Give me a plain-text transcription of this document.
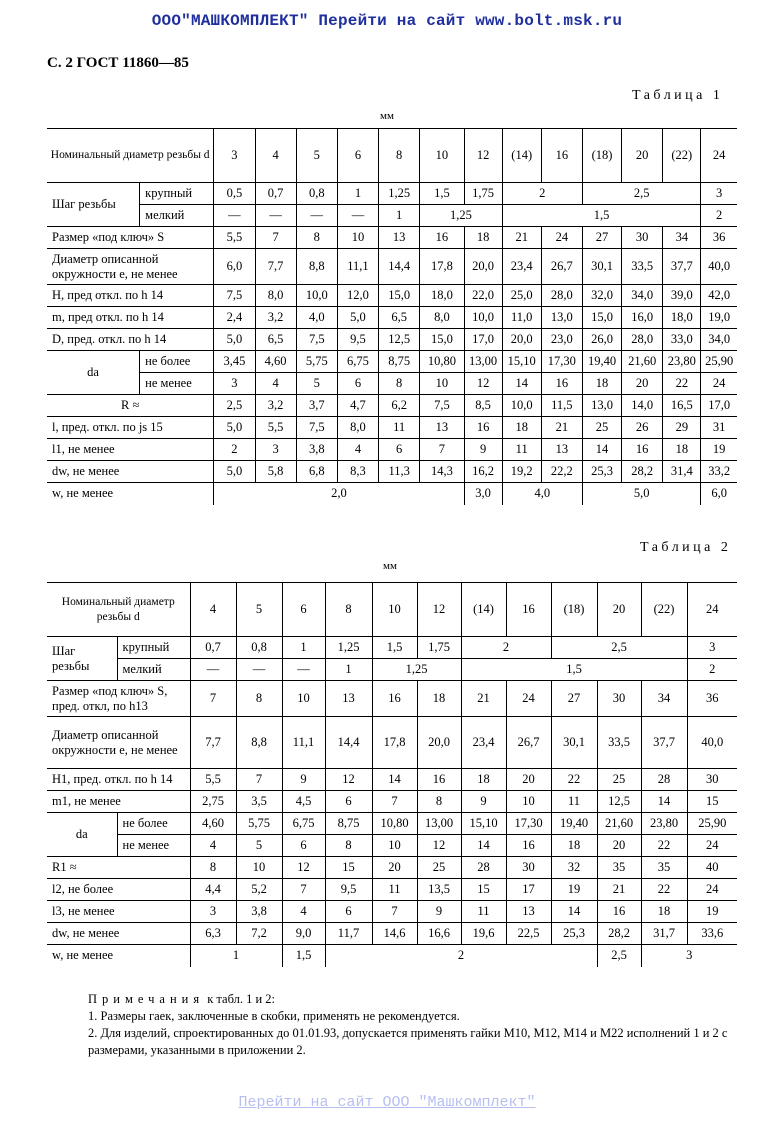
ООО"МАШКОМПЛЕКТ" Перейти на сайт www.bolt.msk.ru
С. 2 ГОСТ 11860—85
Таблица 1
мм
Номинальный диаметр резьбы d		3	4	5	6	8	10	12	(14)	16	(18)	20	(22)	24
Шаг резьбы	крупный	0,5	0,7	0,8	1	1,25	1,5	1,75	2		2,5			3
	мелкий	—	—	—	—	1	1,25		1,5					2
Размер «под ключ» S		5,5	7	8	10	13	16	18	21	24	27	30	34	36
Диаметр описанной окружности e, не менее		6,0	7,7	8,8	11,1	14,4	17,8	20,0	23,4	26,7	30,1	33,5	37,7	40,0
H, пред откл. по h 14		7,5	8,0	10,0	12,0	15,0	18,0	22,0	25,0	28,0	32,0	34,0	39,0	42,0
m, пред откл. по h 14		2,4	3,2	4,0	5,0	6,5	8,0	10,0	11,0	13,0	15,0	16,0	18,0	19,0
D, пред. откл. по h 14		5,0	6,5	7,5	9,5	12,5	15,0	17,0	20,0	23,0	26,0	28,0	33,0	34,0
da	не более	3,45	4,60	5,75	6,75	8,75	10,80	13,00	15,10	17,30	19,40	21,60	23,80	25,90
	не менее	3	4	5	6	8	10	12	14	16	18	20	22	24
R ≈		2,5	3,2	3,7	4,7	6,2	7,5	8,5	10,0	11,5	13,0	14,0	16,5	17,0
l, пред. откл. по js 15		5,0	5,5	7,5	8,0	11	13	16	18	21	25	26	29	31
l1, не менее		2	3	3,8	4	6	7	9	11	13	14	16	18	19
dw, не менее		5,0	5,8	6,8	8,3	11,3	14,3	16,2	19,2	22,2	25,3	28,2	31,4	33,2
w, не менее		2,0						3,0	4,0		5,0			6,0
Таблица 2
мм
Номинальный диаметр резьбы d		4	5	6	8	10	12	(14)	16	(18)	20	(22)	24
Шаг резьбы	крупный	0,7	0,8	1	1,25	1,5	1,75	2		2,5			3
	мелкий	—	—	—	1	1,25		1,5					2
Размер «под ключ» S, пред. откл, по h13		7	8	10	13	16	18	21	24	27	30	34	36
Диаметр описанной окружности e, не менее		7,7	8,8	11,1	14,4	17,8	20,0	23,4	26,7	30,1	33,5	37,7	40,0
H1, пред. откл. по h 14		5,5	7	9	12	14	16	18	20	22	25	28	30
m1, не менее		2,75	3,5	4,5	6	7	8	9	10	11	12,5	14	15
da	не более	4,60	5,75	6,75	8,75	10,80	13,00	15,10	17,30	19,40	21,60	23,80	25,90
	не менее	4	5	6	8	10	12	14	16	18	20	22	24
R1 ≈		8	10	12	15	20	25	28	30	32	35	35	40
l2, не более		4,4	5,2	7	9,5	11	13,5	15	17	19	21	22	24
l3, не менее		3	3,8	4	6	7	9	11	13	14	16	18	19
dw, не менее		6,3	7,2	9,0	11,7	14,6	16,6	19,6	22,5	25,3	28,2	31,7	33,6
w, не менее		1		1,5	2						2,5	3	

Примечания к табл. 1 и 2:

1. Размеры гаек, заключенные в скобки, применять не рекомендуется.

2. Для изделий, спроектированных до 01.01.93, допускается применять гайки М10, М12, М14 и М22 исполнений 1 и 2 с размерами, указанными в приложении 2.

Перейти на сайт ООО "Машкомплект"
